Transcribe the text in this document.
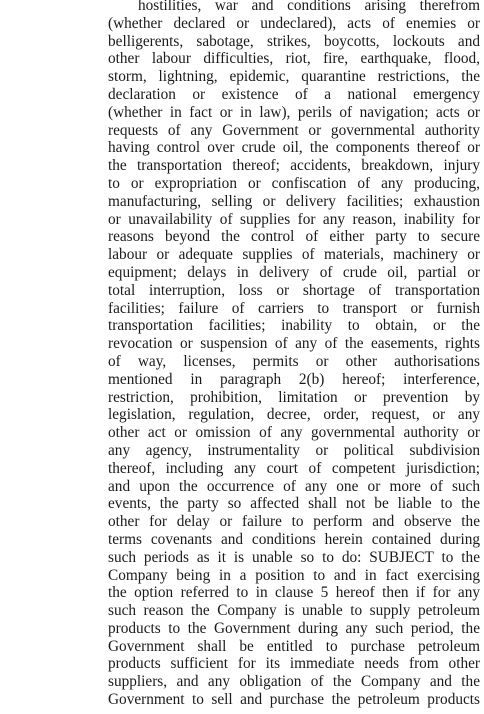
hostilities, war and conditions arising therefrom
(whether declared or undeclared), acts of enemies or
belligerents, sabotage, strikes, boycotts, lockouts and
other labour difficulties, riot, fire, earthquake, flood,
storm, lightning, epidemic, quarantine restrictions, the
declaration or existence of a national emergency
(whether in fact or in law), perils of navigation; acts or
requests of any Government or governmental authority
having control over crude oil, the components thereof or
the transportation thereof; accidents, breakdown, injury
to or expropriation or confiscation of any producing,
manufacturing, selling or delivery facilities; exhaustion
or unavailability of supplies for any reason, inability for
reasons beyond the control of either party to secure
labour or adequate supplies of materials, machinery or
equipment; delays in delivery of crude oil, partial or
total interruption, loss or shortage of transportation
facilities; failure of carriers to transport or furnish
transportation facilities; inability to obtain, or the
revocation or suspension of any of the easements, rights
of way, licenses, permits or other authorisations
mentioned in paragraph 2(b) hereof; interference,
restriction, prohibition, limitation or prevention by
legislation, regulation, decree, order, request, or any
other act or omission of any governmental authority or
any agency, instrumentality or political subdivision
thereof, including any court of competent jurisdiction;
and upon the occurrence of any one or more of such
events, the party so affected shall not be liable to the
other for delay or failure to perform and observe the
terms covenants and conditions herein contained during
such periods as it is unable so to do: SUBJECT to the
Company being in a position to and in fact exercising
the option referred to in clause 5 hereof then if for any
such reason the Company is unable to supply petroleum
products to the Government during any such period, the
Government shall be entitled to purchase petroleum
products sufficient for its immediate needs from other
suppliers, and any obligation of the Company and the
Government to sell and purchase the petroleum products
